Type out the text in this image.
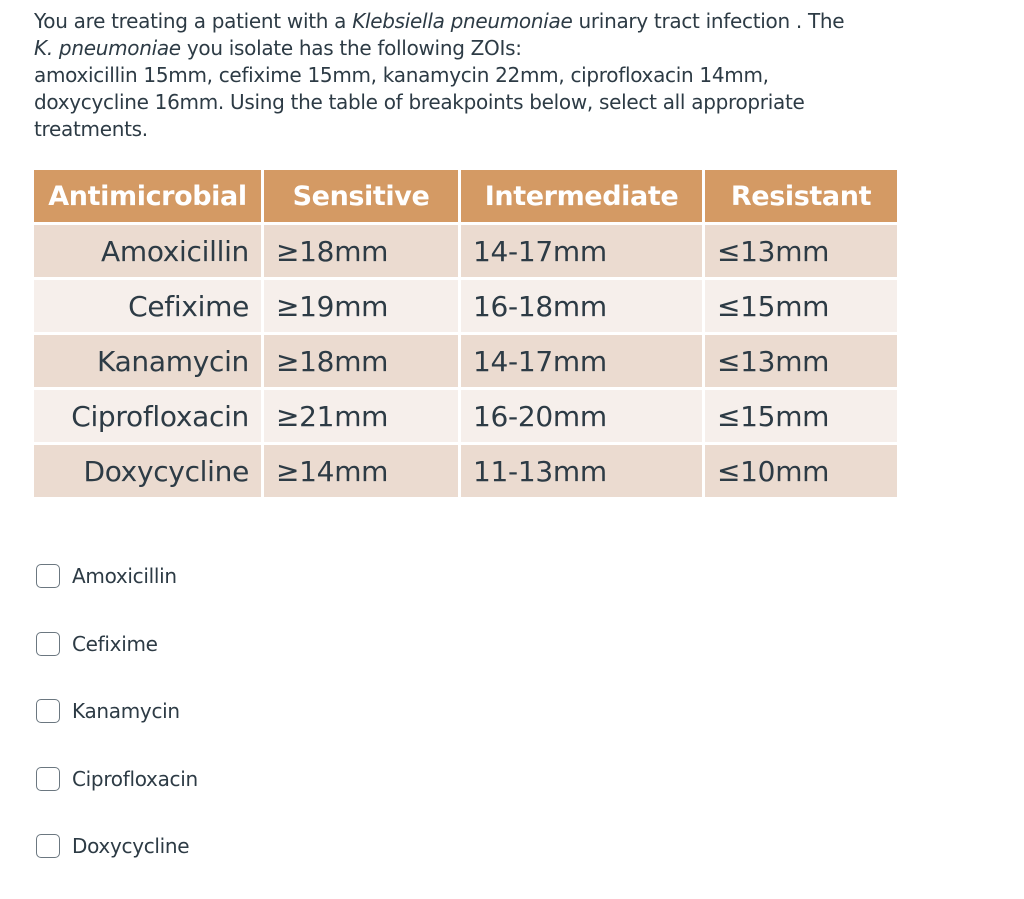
You are treating a patient with a Klebsiella pneumoniae urinary tract infection . The

K. pneumoniae you isolate has the following ZOIs:

amoxicillin 15mm, cefixime 15mm, kanamycin 22mm, ciprofloxacin 14mm,

doxycycline 16mm. Using the table of breakpoints below, select all appropriate

treatments.

Antimicrobial	Sensitive	Intermediate	Resistant
Amoxicillin	≥18mm	14-17mm	≤13mm
Cefixime	≥19mm	16-18mm	≤15mm
Kanamycin	≥18mm	14-17mm	≤13mm
Ciprofloxacin	≥21mm	16-20mm	≤15mm
Doxycycline	≥14mm	11-13mm	≤10mm
Amoxicillin
Cefixime
Kanamycin
Ciprofloxacin
Doxycycline
